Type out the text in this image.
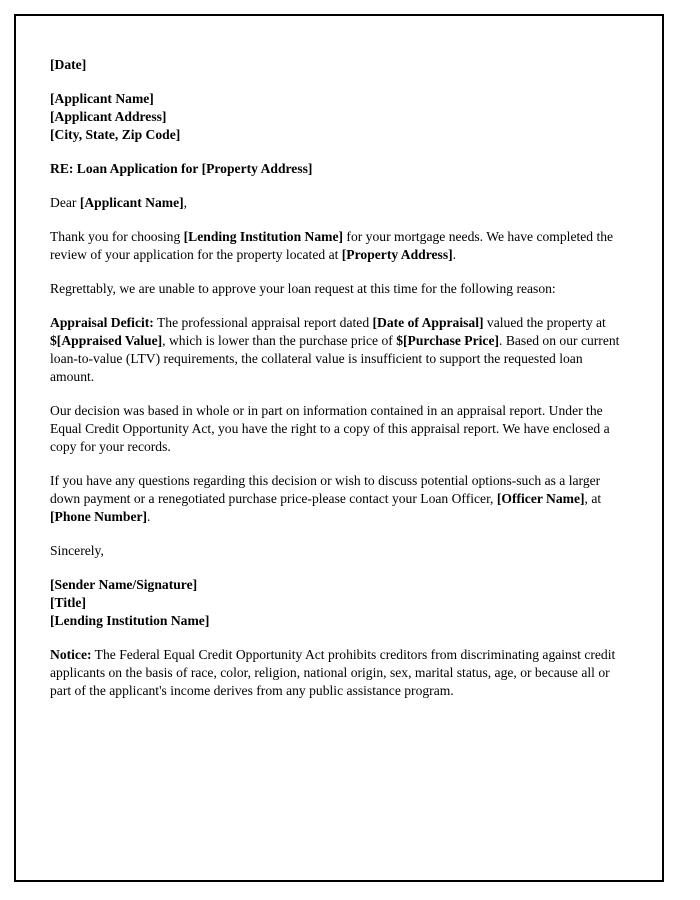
[Date]

[Applicant Name]
[Applicant Address]
[City, State, Zip Code]

RE: Loan Application for [Property Address]

Dear [Applicant Name],

Thank you for choosing [Lending Institution Name] for your mortgage needs. We have completed the review of your application for the property located at [Property Address].

Regrettably, we are unable to approve your loan request at this time for the following reason:

Appraisal Deficit: The professional appraisal report dated [Date of Appraisal] valued the property at $[Appraised Value], which is lower than the purchase price of $[Purchase Price]. Based on our current loan-to-value (LTV) requirements, the collateral value is insufficient to support the requested loan amount.

Our decision was based in whole or in part on information contained in an appraisal report. Under the Equal Credit Opportunity Act, you have the right to a copy of this appraisal report. We have enclosed a copy for your records.

If you have any questions regarding this decision or wish to discuss potential options-such as a larger down payment or a renegotiated purchase price-please contact your Loan Officer, [Officer Name], at [Phone Number].

Sincerely,

[Sender Name/Signature]
[Title]
[Lending Institution Name]

Notice: The Federal Equal Credit Opportunity Act prohibits creditors from discriminating against credit applicants on the basis of race, color, religion, national origin, sex, marital status, age, or because all or part of the applicant's income derives from any public assistance program.
